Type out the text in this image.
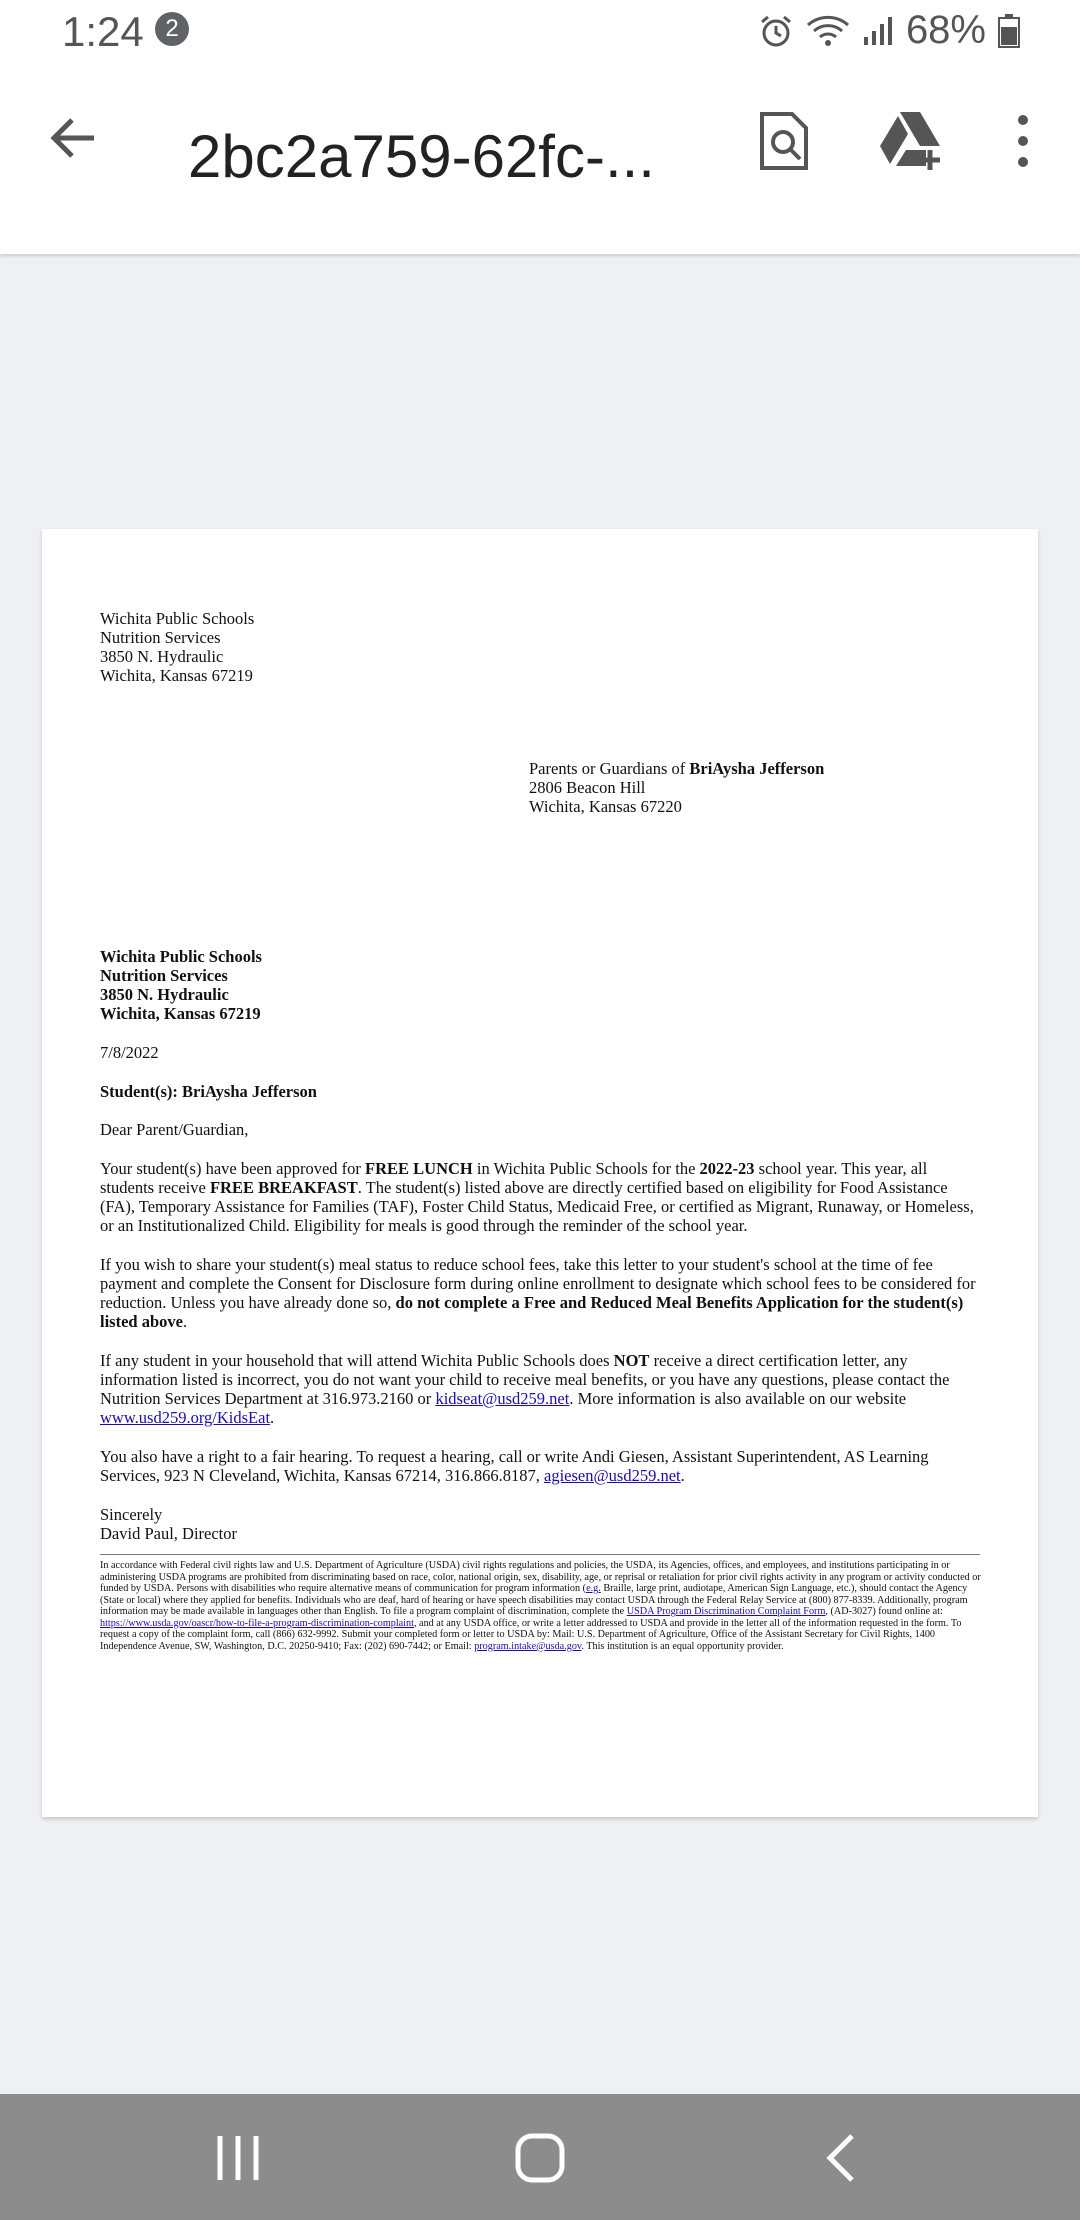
1:24 2	68%
2bc2a759-62fc-...
Wichita Public Schools
Nutrition Services
3850 N. Hydraulic
Wichita, Kansas 67219
Parents or Guardians of BriAysha Jefferson
2806 Beacon Hill
Wichita, Kansas 67220
Wichita Public Schools
Nutrition Services
3850 N. Hydraulic
Wichita, Kansas 67219
7/8/2022
Student(s): BriAysha Jefferson
Dear Parent/Guardian,
Your student(s) have been approved for FREE LUNCH in Wichita Public Schools for the 2022-23 school year. This year, all students receive FREE BREAKFAST. The student(s) listed above are directly certified based on eligibility for Food Assistance (FA), Temporary Assistance for Families (TAF), Foster Child Status, Medicaid Free, or certified as Migrant, Runaway, or Homeless, or an Institutionalized Child. Eligibility for meals is good through the reminder of the school year.
If you wish to share your student(s) meal status to reduce school fees, take this letter to your student's school at the time of fee payment and complete the Consent for Disclosure form during online enrollment to designate which school fees to be considered for reduction. Unless you have already done so, do not complete a Free and Reduced Meal Benefits Application for the student(s) listed above.
If any student in your household that will attend Wichita Public Schools does NOT receive a direct certification letter, any information listed is incorrect, you do not want your child to receive meal benefits, or you have any questions, please contact the Nutrition Services Department at 316.973.2160 or kidseat@usd259.net. More information is also available on our website www.usd259.org/KidsEat.
You also have a right to a fair hearing. To request a hearing, call or write Andi Giesen, Assistant Superintendent, AS Learning Services, 923 N Cleveland, Wichita, Kansas 67214, 316.866.8187, agiesen@usd259.net.
Sincerely
David Paul, Director
In accordance with Federal civil rights law and U.S. Department of Agriculture (USDA) civil rights regulations and policies, the USDA, its Agencies, offices, and employees, and institutions participating in or administering USDA programs are prohibited from discriminating based on race, color, national origin, sex, disability, age, or reprisal or retaliation for prior civil rights activity in any program or activity conducted or funded by USDA. Persons with disabilities who require alternative means of communication for program information (e.g. Braille, large print, audiotape, American Sign Language, etc.), should contact the Agency (State or local) where they applied for benefits. Individuals who are deaf, hard of hearing or have speech disabilities may contact USDA through the Federal Relay Service at (800) 877-8339. Additionally, program information may be made available in languages other than English. To file a program complaint of discrimination, complete the USDA Program Discrimination Complaint Form, (AD-3027) found online at: https://www.usda.gov/oascr/how-to-file-a-program-discrimination-complaint, and at any USDA office, or write a letter addressed to USDA and provide in the letter all of the information requested in the form. To request a copy of the complaint form, call (866) 632-9992. Submit your completed form or letter to USDA by: Mail: U.S. Department of Agriculture, Office of the Assistant Secretary for Civil Rights, 1400 Independence Avenue, SW, Washington, D.C. 20250-9410; Fax: (202) 690-7442; or Email: program.intake@usda.gov. This institution is an equal opportunity provider.
